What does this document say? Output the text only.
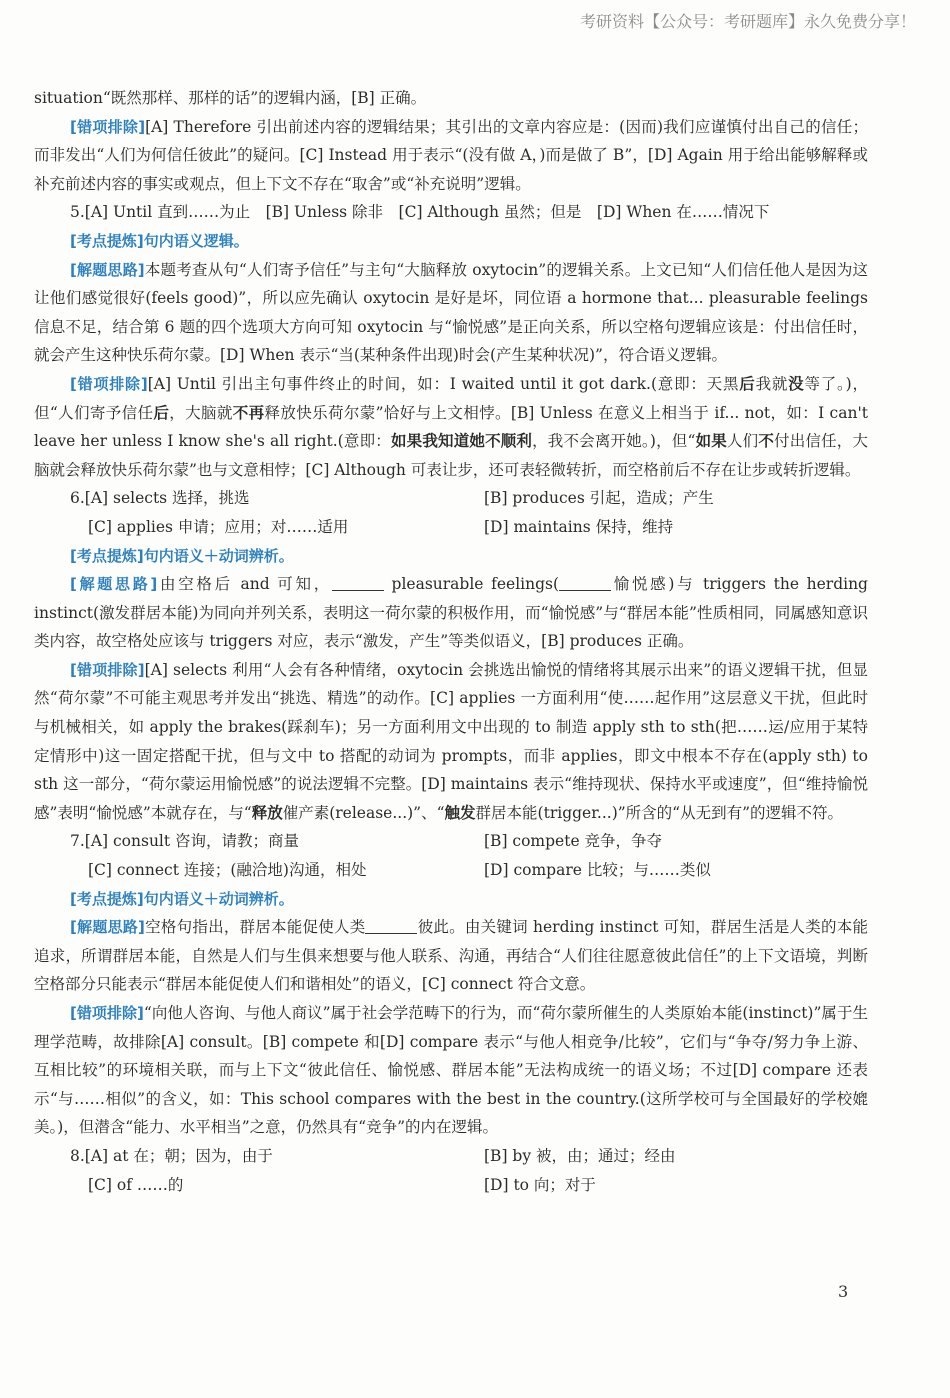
考研资料【公众号：考研题库】永久免费分享！

situation“既然那样、那样的话”的逻辑内涵，[B] 正确。

[错项排除][A] Therefore 引出前述内容的逻辑结果；其引出的文章内容应是：(因而)我们应谨慎付出自己的信任；而非发出“人们为何信任彼此”的疑问。[C] Instead 用于表示“(没有做 A，)而是做了 B”，[D] Again 用于给出能够解释或补充前述内容的事实或观点，但上下文不存在“取舍”或“补充说明”逻辑。

5.[A] Until 直到……为止　[B] Unless 除非　[C] Although 虽然；但是　[D] When 在……情况下

[考点提炼]句内语义逻辑。

[解题思路]本题考查从句“人们寄予信任”与主句“大脑释放 oxytocin”的逻辑关系。上文已知“人们信任他人是因为这让他们感觉很好(feels good)”，所以应先确认 oxytocin 是好是坏，同位语 a hormone that... pleasurable feelings 信息不足，结合第 6 题的四个选项大方向可知 oxytocin 与“愉悦感”是正向关系，所以空格句逻辑应该是：付出信任时，就会产生这种快乐荷尔蒙。[D] When 表示“当(某种条件出现)时会(产生某种状况)”，符合语义逻辑。

[错项排除][A] Until 引出主句事件终止的时间，如：I waited until it got dark.(意即：天黑后我就没等了。)，但“人们寄予信任后，大脑就不再释放快乐荷尔蒙”恰好与上文相悖。[B] Unless 在意义上相当于 if... not，如：I can't leave her unless I know she's all right.(意即：如果我知道她不顺利，我不会离开她。)，但“如果人们不付出信任，大脑就会释放快乐荷尔蒙”也与文意相悖；[C] Although 可表让步，还可表轻微转折，而空格前后不存在让步或转折逻辑。

6.[A] selects 选择，挑选	[B] produces 引起，造成；产生
[C] applies 申请；应用；对……适用	[D] maintains 保持，维持

[考点提炼]句内语义＋动词辨析。

[解题思路]由空格后 and 可知，	pleasurable feelings(	愉悦感)与 triggers the herding instinct(激发群居本能)为同向并列关系，表明这一荷尔蒙的积极作用，而“愉悦感”与“群居本能”性质相同，同属感知意识类内容，故空格处应该与 triggers 对应，表示“激发，产生”等类似语义，[B] produces 正确。

[错项排除][A] selects 利用“人会有各种情绪，oxytocin 会挑选出愉悦的情绪将其展示出来”的语义逻辑干扰，但显然“荷尔蒙”不可能主观思考并发出“挑选、精选”的动作。[C] applies 一方面利用“使……起作用”这层意义干扰，但此时与机械相关，如 apply the brakes(踩刹车)；另一方面利用文中出现的 to 制造 apply sth to sth(把……运/应用于某特定情形中)这一固定搭配干扰，但与文中 to 搭配的动词为 prompts，而非 applies，即文中根本不存在(apply sth) to sth 这一部分，“荷尔蒙运用愉悦感”的说法逻辑不完整。[D] maintains 表示“维持现状、保持水平或速度”，但“维持愉悦感”表明“愉悦感”本就存在，与“释放催产素(release...)”、“触发群居本能(trigger...)”所含的“从无到有”的逻辑不符。

7.[A] consult 咨询，请教；商量	[B] compete 竞争，争夺
[C] connect 连接；(融洽地)沟通，相处	[D] compare 比较；与……类似

[考点提炼]句内语义＋动词辨析。

[解题思路]空格句指出，群居本能促使人类	彼此。由关键词 herding instinct 可知，群居生活是人类的本能追求，所谓群居本能，自然是人们与生俱来想要与他人联系、沟通，再结合“人们往往愿意彼此信任”的上下文语境，判断空格部分只能表示“群居本能促使人们和谐相处”的语义，[C] connect 符合文意。

[错项排除]“向他人咨询、与他人商议”属于社会学范畴下的行为，而“荷尔蒙所催生的人类原始本能(instinct)”属于生理学范畴，故排除[A] consult。[B] compete 和[D] compare 表示“与他人相竞争/比较”，它们与“争夺/努力争上游、互相比较”的环境相关联，而与上下文“彼此信任、愉悦感、群居本能”无法构成统一的语义场；不过[D] compare 还表示“与……相似”的含义，如：This school compares with the best in the country.(这所学校可与全国最好的学校媲美。)，但潜含“能力、水平相当”之意，仍然具有“竞争”的内在逻辑。

8.[A] at 在；朝；因为，由于	[B] by 被，由；通过；经由
[C] of ……的	[D] to 向；对于
3
